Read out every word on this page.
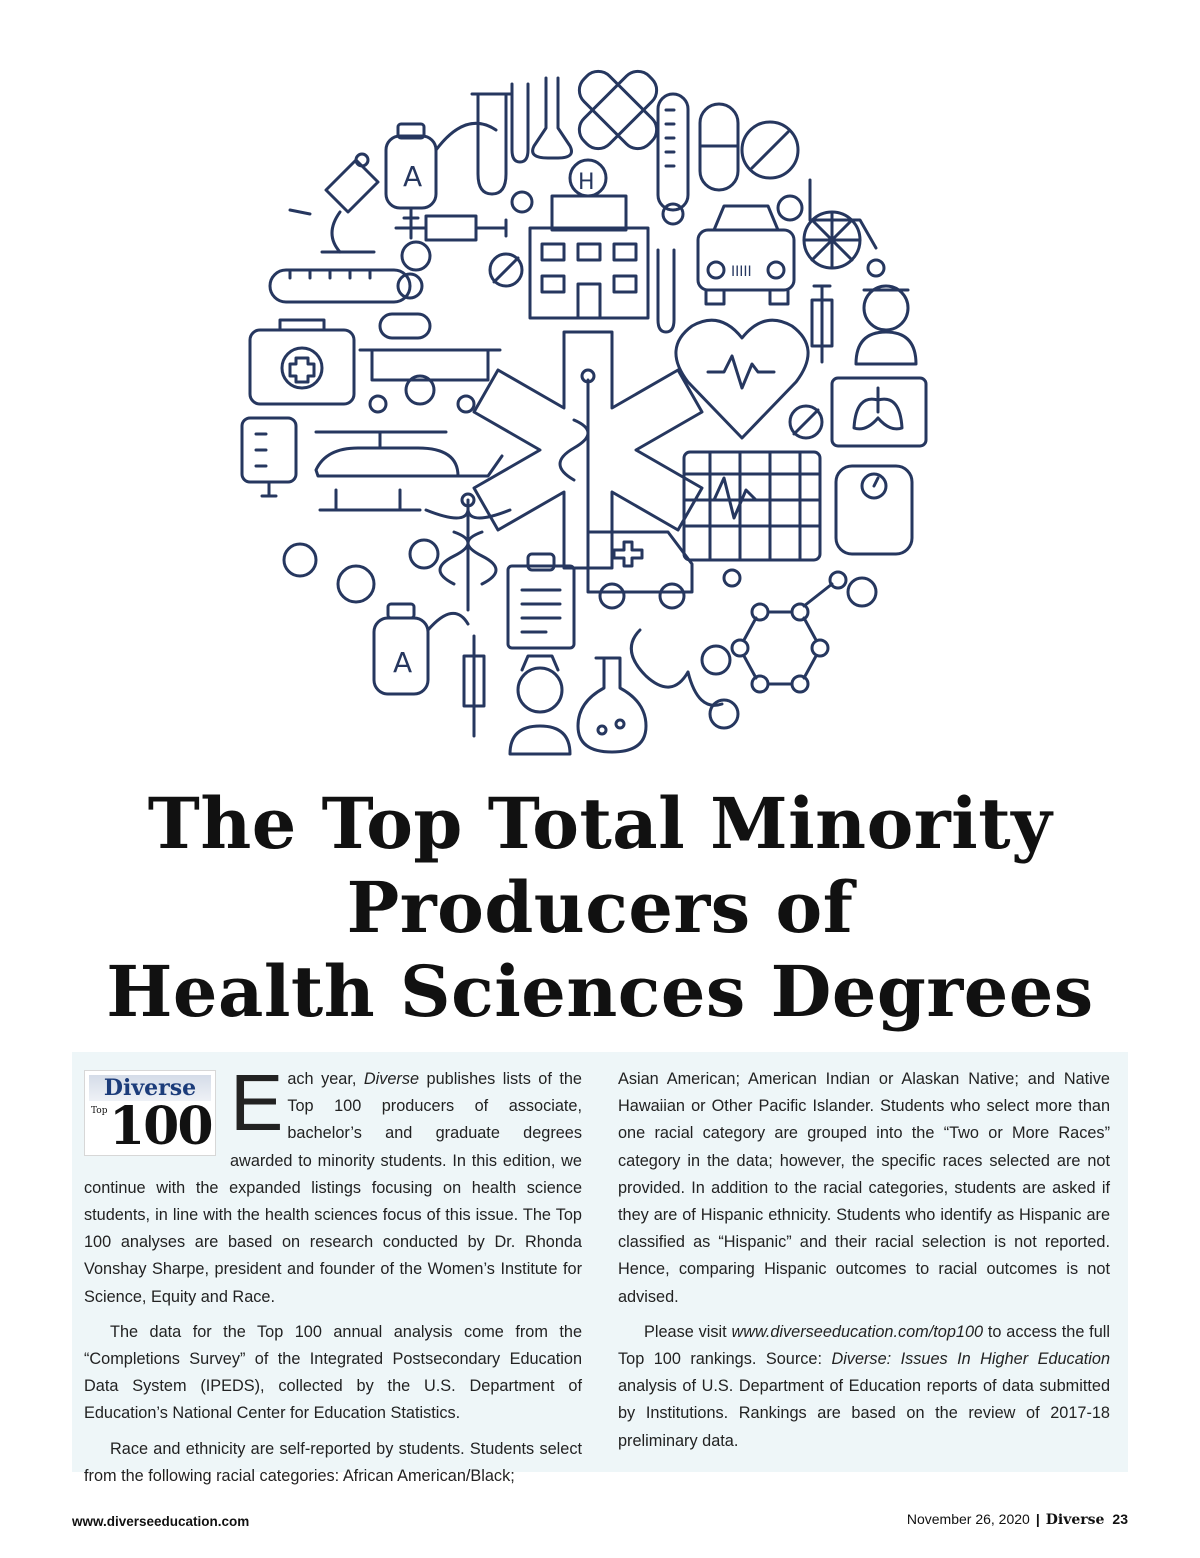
A	H
IIIII
A
The Top Total Minority
Producers of
Health Sciences Degrees

Diverse
Top 100 E ach year, Diverse publishes lists of the Top 100 producers of associate, bachelor’s and graduate degrees awarded to minority students. In this edition, we continue with the expanded listings focusing on health science students, in line with the health sciences focus of this issue. The Top 100 analyses are based on research conducted by Dr. Rhonda Vonshay Sharpe, president and founder of the Women’s Institute for Science, Equity and Race.

The data for the Top 100 annual analysis come from the “Completions Survey” of the Integrated Postsecondary Education Data System (IPEDS), collected by the U.S. Department of Education’s National Center for Education Statistics.

Race and ethnicity are self-reported by students. Students select from the following racial categories: African American/Black;

Asian American; American Indian or Alaskan Native; and Native Hawaiian or Other Pacific Islander. Students who select more than one racial category are grouped into the “Two or More Races” category in the data; however, the specific races selected are not provided. In addition to the racial categories, students are asked if they are of Hispanic ethnicity. Students who identify as Hispanic are classified as “Hispanic” and their racial selection is not reported. Hence, comparing Hispanic outcomes to racial outcomes is not advised.

Please visit www.diverseeducation.com/top100 to access the full Top 100 rankings. Source: Diverse: Issues In Higher Education analysis of U.S. Department of Education reports of data submitted by Institutions. Rankings are based on the review of 2017-18 preliminary data.

www.diverseeducation.com	November 26, 2020 | Diverse 23
